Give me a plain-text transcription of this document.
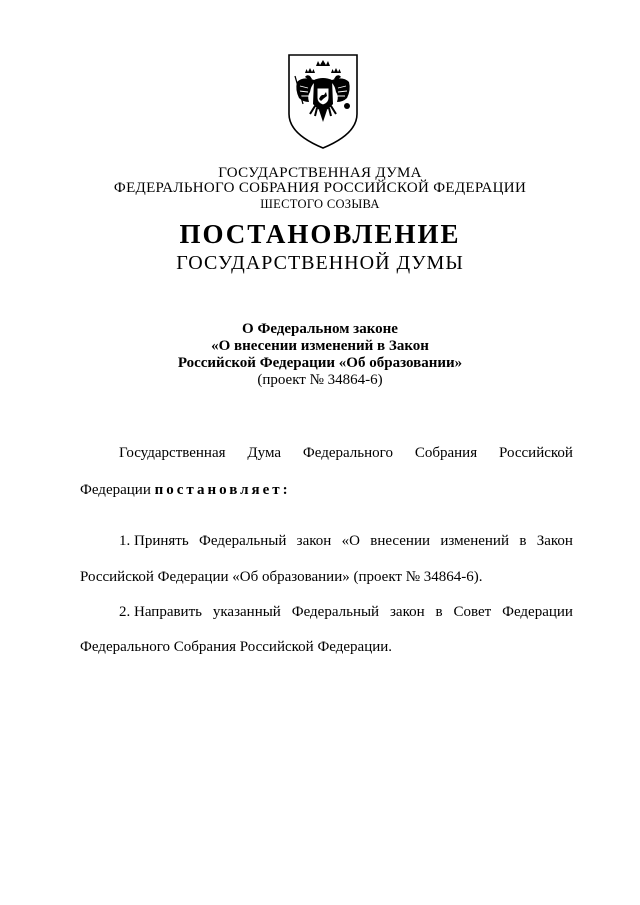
ГОСУДАРСТВЕННАЯ ДУМА
ФЕДЕРАЛЬНОГО СОБРАНИЯ РОССИЙСКОЙ ФЕДЕРАЦИИ
ШЕСТОГО СОЗЫВА
ПОСТАНОВЛЕНИЕ
ГОСУДАРСТВЕННОЙ ДУМЫ
О Федеральном законе
«О внесении изменений в Закон
Российской Федерации «Об образовании»
(проект № 34864-6)
Государственная Дума Федерального Собрания Российской
Федерации постановляет:
1. Принять Федеральный закон «О внесении изменений в Закон
Российской Федерации «Об образовании» (проект № 34864-6).
2. Направить указанный Федеральный закон в Совет Федерации
Федерального Собрания Российской Федерации.
